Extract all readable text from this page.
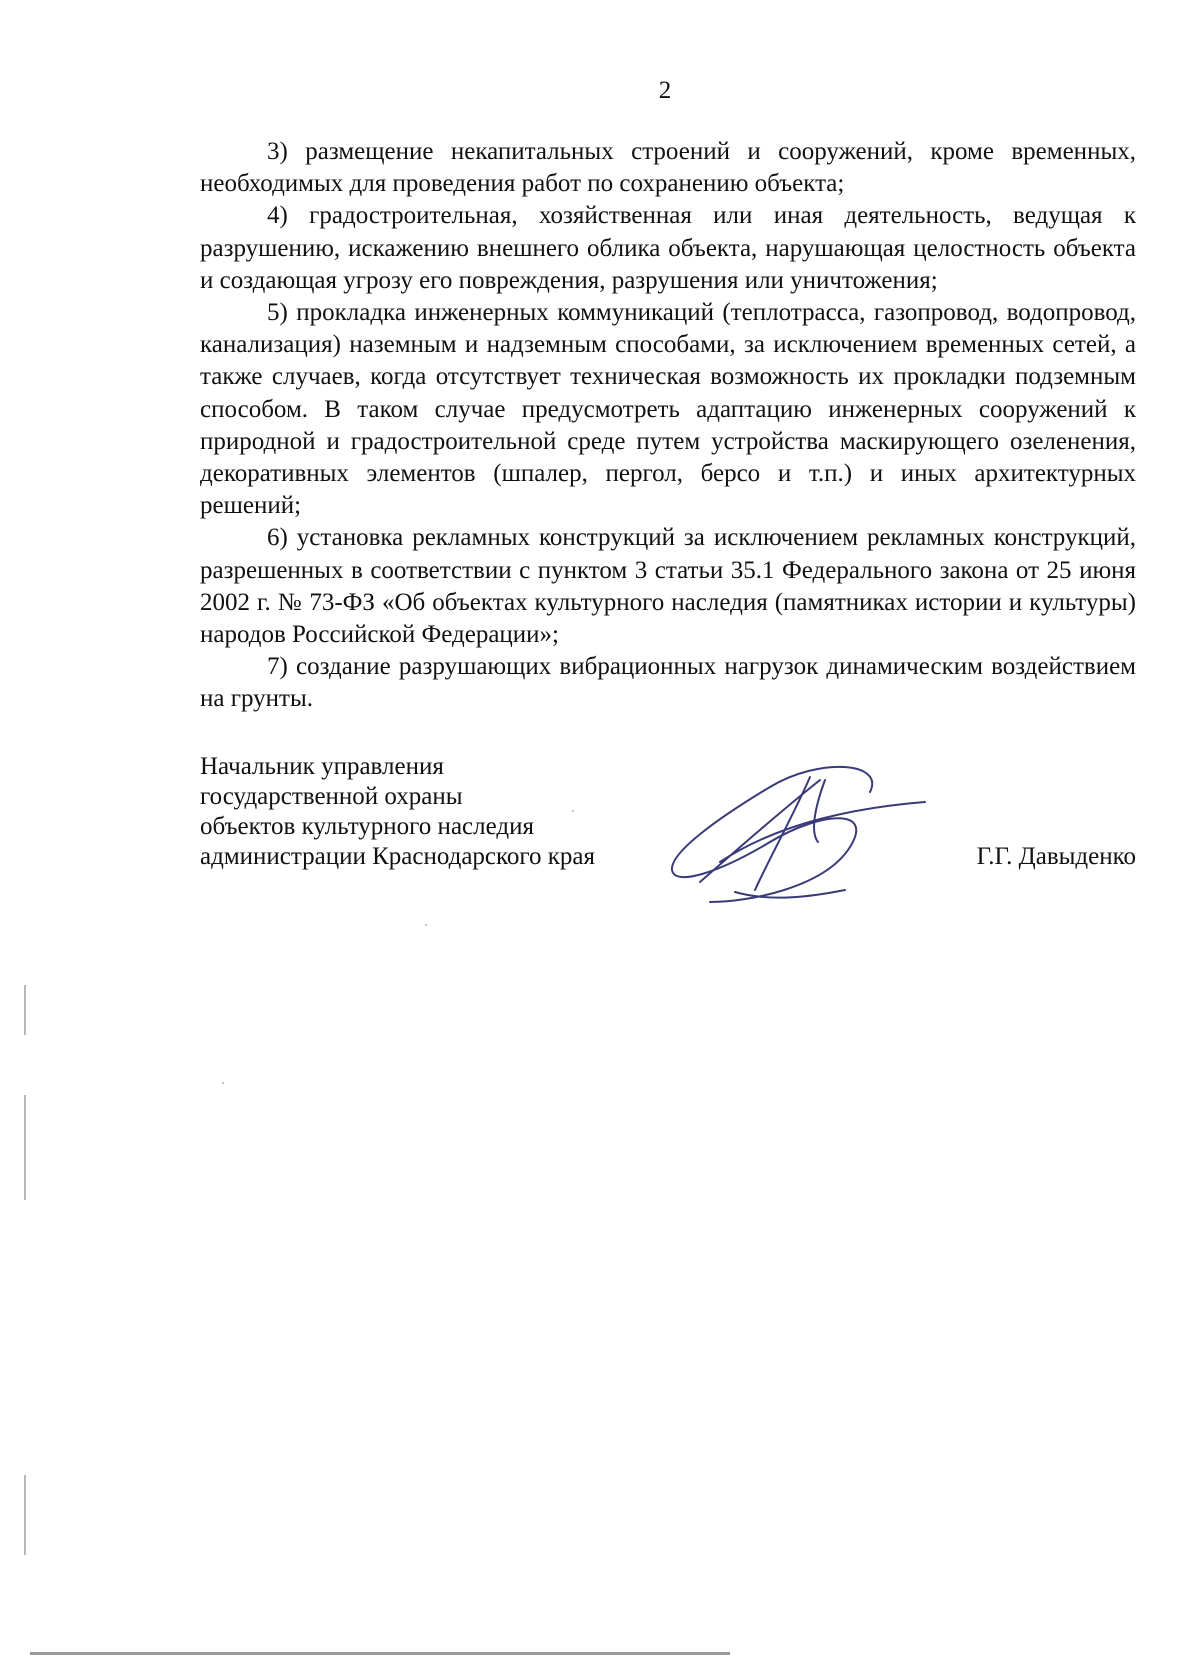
2

3) размещение некапитальных строений и сооружений, кроме временных, необходимых для проведения работ по сохранению объекта;

4) градостроительная, хозяйственная или иная деятельность, ведущая к разрушению, искажению внешнего облика объекта, нарушающая целостность объекта и создающая угрозу его повреждения, разрушения или уничтожения;

5) прокладка инженерных коммуникаций (теплотрасса, газопровод, водопровод, канализация) наземным и надземным способами, за исключением временных сетей, а также случаев, когда отсутствует техническая возможность их прокладки подземным способом. В таком случае предусмотреть адаптацию инженерных сооружений к природной и градостроительной среде путем устройства маскирующего озеленения, декоративных элементов (шпалер, пергол, берсо и т.п.) и иных архитектурных решений;

6) установка рекламных конструкций за исключением рекламных конструкций, разрешенных в соответствии с пунктом 3 статьи 35.1 Федерального закона от 25 июня 2002 г. № 73-ФЗ «Об объектах культурного наследия (памятниках истории и культуры) народов Российской Федерации»;

7) создание разрушающих вибрационных нагрузок динамическим воздействием на грунты.

Начальник управления
государственной охраны
объектов культурного наследия
администрации Краснодарского края	Г.Г. Давыденко
